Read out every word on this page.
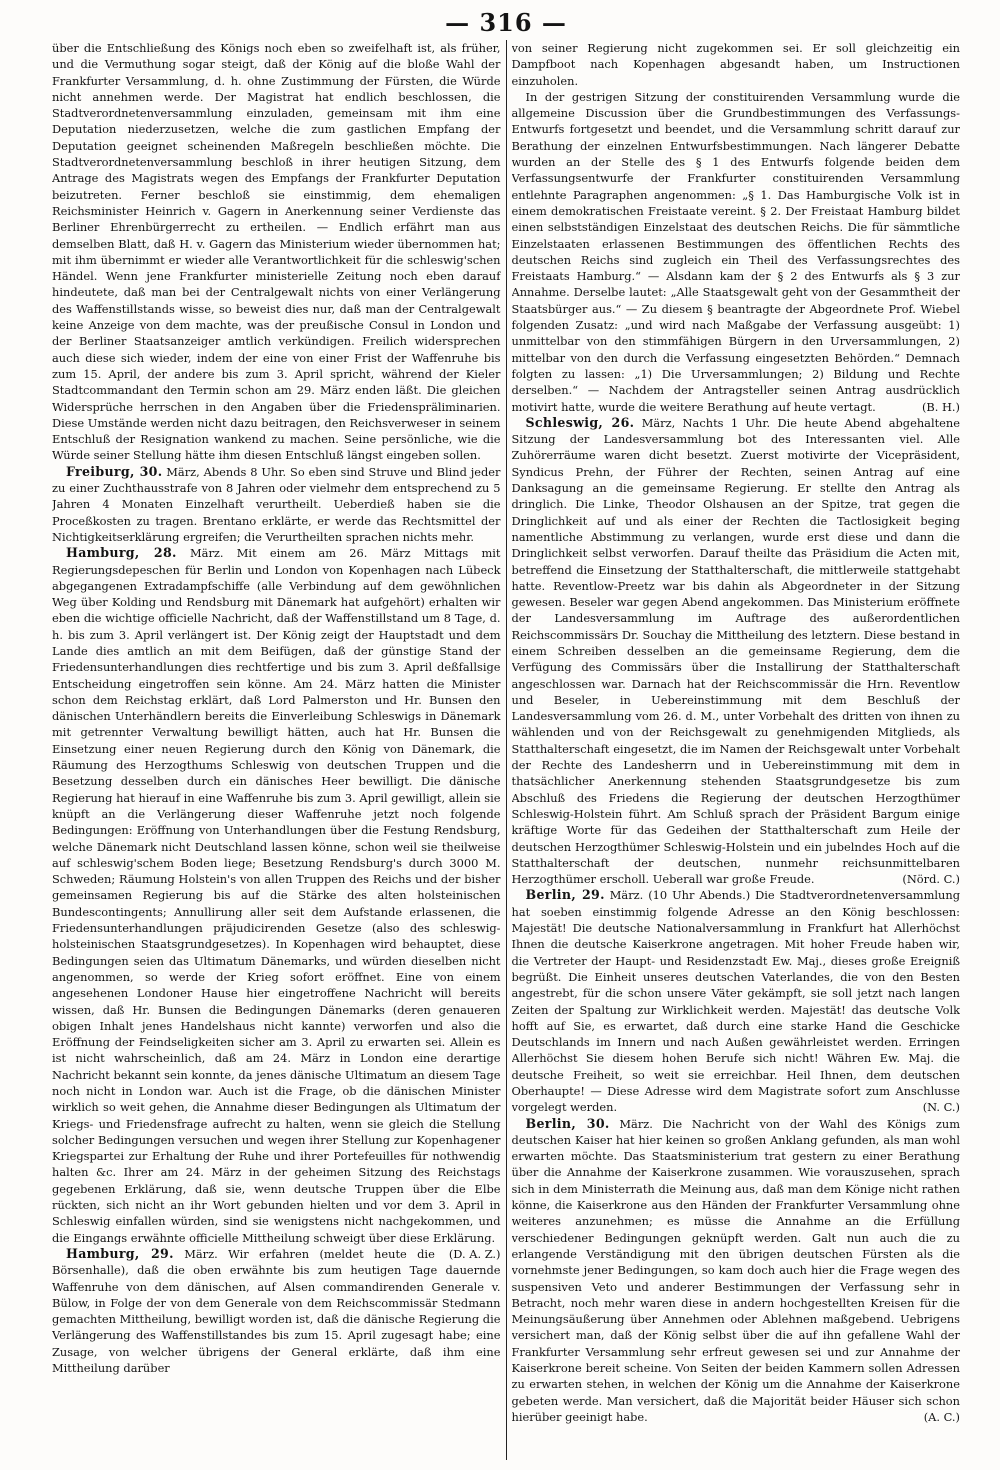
— 316 —

über die Entschließung des Königs noch eben so zweifelhaft ist, als früher, und die Vermuthung sogar steigt, daß der König auf die bloße Wahl der Frankfurter Versammlung, d. h. ohne Zustimmung der Fürsten, die Würde nicht annehmen werde. Der Magistrat hat endlich beschlossen, die Stadtverordnetenversammlung einzuladen, gemeinsam mit ihm eine Deputation niederzusetzen, welche die zum gastlichen Empfang der Deputation geeignet scheinenden Maßregeln beschließen möchte. Die Stadtverordnetenversammlung beschloß in ihrer heutigen Sitzung, dem Antrage des Magistrats wegen des Empfangs der Frankfurter Deputation beizutreten. Ferner beschloß sie einstimmig, dem ehemaligen Reichsminister Heinrich v. Gagern in Anerkennung seiner Verdienste das Berliner Ehrenbürgerrecht zu ertheilen. — Endlich erfährt man aus demselben Blatt, daß H. v. Gagern das Ministerium wieder übernommen hat; mit ihm übernimmt er wieder alle Verantwortlichkeit für die schleswig'schen Händel. Wenn jene Frankfurter ministerielle Zeitung noch eben darauf hindeutete, daß man bei der Centralgewalt nichts von einer Verlängerung des Waffenstillstands wisse, so beweist dies nur, daß man der Centralgewalt keine Anzeige von dem machte, was der preußische Consul in London und der Berliner Staatsanzeiger amtlich verkündigen. Freilich widersprechen auch diese sich wieder, indem der eine von einer Frist der Waffenruhe bis zum 15. April, der andere bis zum 3. April spricht, während der Kieler Stadtcommandant den Termin schon am 29. März enden läßt. Die gleichen Widersprüche herrschen in den Angaben über die Friedenspräliminarien. Diese Umstände werden nicht dazu beitragen, den Reichsverweser in seinem Entschluß der Resignation wankend zu machen. Seine persönliche, wie die Würde seiner Stellung hätte ihm diesen Entschluß längst eingeben sollen.

Freiburg, 30. März, Abends 8 Uhr. So eben sind Struve und Blind jeder zu einer Zuchthausstrafe von 8 Jahren oder vielmehr dem entsprechend zu 5 Jahren 4 Monaten Einzelhaft verurtheilt. Ueberdieß haben sie die Proceßkosten zu tragen. Brentano erklärte, er werde das Rechtsmittel der Nichtigkeitserklärung ergreifen; die Verurtheilten sprachen nichts mehr.

Hamburg, 28. März. Mit einem am 26. März Mittags mit Regierungsdepeschen für Berlin und London von Kopenhagen nach Lübeck abgegangenen Extradampfschiffe (alle Verbindung auf dem gewöhnlichen Weg über Kolding und Rendsburg mit Dänemark hat aufgehört) erhalten wir eben die wichtige officielle Nachricht, daß der Waffenstillstand um 8 Tage, d. h. bis zum 3. April verlängert ist. Der König zeigt der Hauptstadt und dem Lande dies amtlich an mit dem Beifügen, daß der günstige Stand der Friedensunterhandlungen dies rechtfertige und bis zum 3. April deßfallsige Entscheidung eingetroffen sein könne. Am 24. März hatten die Minister schon dem Reichstag erklärt, daß Lord Palmerston und Hr. Bunsen den dänischen Unterhändlern bereits die Einverleibung Schleswigs in Dänemark mit getrennter Verwaltung bewilligt hätten, auch hat Hr. Bunsen die Einsetzung einer neuen Regierung durch den König von Dänemark, die Räumung des Herzogthums Schleswig von deutschen Truppen und die Besetzung desselben durch ein dänisches Heer bewilligt. Die dänische Regierung hat hierauf in eine Waffenruhe bis zum 3. April gewilligt, allein sie knüpft an die Verlängerung dieser Waffenruhe jetzt noch folgende Bedingungen: Eröffnung von Unterhandlungen über die Festung Rendsburg, welche Dänemark nicht Deutschland lassen könne, schon weil sie theilweise auf schleswig'schem Boden liege; Besetzung Rendsburg's durch 3000 M. Schweden; Räumung Holstein's von allen Truppen des Reichs und der bisher gemeinsamen Regierung bis auf die Stärke des alten holsteinischen Bundescontingents; Annullirung aller seit dem Aufstande erlassenen, die Friedensunterhandlungen präjudicirenden Gesetze (also des schleswig-holsteinischen Staatsgrundgesetzes). In Kopenhagen wird behauptet, diese Bedingungen seien das Ultimatum Dänemarks, und würden dieselben nicht angenommen, so werde der Krieg sofort eröffnet. Eine von einem angesehenen Londoner Hause hier eingetroffene Nachricht will bereits wissen, daß Hr. Bunsen die Bedingungen Dänemarks (deren genaueren obigen Inhalt jenes Handelshaus nicht kannte) verworfen und also die Eröffnung der Feindseligkeiten sicher am 3. April zu erwarten sei. Allein es ist nicht wahrscheinlich, daß am 24. März in London eine derartige Nachricht bekannt sein konnte, da jenes dänische Ultimatum an diesem Tage noch nicht in London war. Auch ist die Frage, ob die dänischen Minister wirklich so weit gehen, die Annahme dieser Bedingungen als Ultimatum der Kriegs- und Friedensfrage aufrecht zu halten, wenn sie gleich die Stellung solcher Bedingungen versuchen und wegen ihrer Stellung zur Kopenhagener Kriegspartei zur Erhaltung der Ruhe und ihrer Portefeuilles für nothwendig halten &c. Ihrer am 24. März in der geheimen Sitzung des Reichstags gegebenen Erklärung, daß sie, wenn deutsche Truppen über die Elbe rückten, sich nicht an ihr Wort gebunden hielten und vor dem 3. April in Schleswig einfallen würden, sind sie wenigstens nicht nachgekommen, und die Eingangs erwähnte officielle Mittheilung schweigt über diese Erklärung.
(D. A. Z.)

Hamburg, 29. März. Wir erfahren (meldet heute die Börsenhalle), daß die oben erwähnte bis zum heutigen Tage dauernde Waffenruhe von dem dänischen, auf Alsen commandirenden Generale v. Bülow, in Folge der von dem Generale von dem Reichscommissär Stedmann gemachten Mittheilung, bewilligt worden ist, daß die dänische Regierung die Verlängerung des Waffenstillstandes bis zum 15. April zugesagt habe; eine Zusage, von welcher übrigens der General erklärte, daß ihm eine Mittheilung darüber

von seiner Regierung nicht zugekommen sei. Er soll gleichzeitig ein Dampfboot nach Kopenhagen abgesandt haben, um Instructionen einzuholen.

In der gestrigen Sitzung der constituirenden Versammlung wurde die allgemeine Discussion über die Grundbestimmungen des Verfassungs-Entwurfs fortgesetzt und beendet, und die Versammlung schritt darauf zur Berathung der einzelnen Entwurfsbestimmungen. Nach längerer Debatte wurden an der Stelle des § 1 des Entwurfs folgende beiden dem Verfassungsentwurfe der Frankfurter constituirenden Versammlung entlehnte Paragraphen angenommen: „§ 1. Das Hamburgische Volk ist in einem demokratischen Freistaate vereint. § 2. Der Freistaat Hamburg bildet einen selbstständigen Einzelstaat des deutschen Reichs. Die für sämmtliche Einzelstaaten erlassenen Bestimmungen des öffentlichen Rechts des deutschen Reichs sind zugleich ein Theil des Verfassungsrechtes des Freistaats Hamburg.“ — Alsdann kam der § 2 des Entwurfs als § 3 zur Annahme. Derselbe lautet: „Alle Staatsgewalt geht von der Gesammtheit der Staatsbürger aus.“ — Zu diesem § beantragte der Abgeordnete Prof. Wiebel folgenden Zusatz: „und wird nach Maßgabe der Verfassung ausgeübt: 1) unmittelbar von den stimmfähigen Bürgern in den Urversammlungen, 2) mittelbar von den durch die Verfassung eingesetzten Behörden.“ Demnach folgten zu lassen: „1) Die Urversammlungen; 2) Bildung und Rechte derselben.“ — Nachdem der Antragsteller seinen Antrag ausdrücklich motivirt hatte, wurde die weitere Berathung auf heute vertagt.	(B. H.)

Schleswig, 26. März, Nachts 1 Uhr. Die heute Abend abgehaltene Sitzung der Landesversammlung bot des Interessanten viel. Alle Zuhörerräume waren dicht besetzt. Zuerst motivirte der Vicepräsident, Syndicus Prehn, der Führer der Rechten, seinen Antrag auf eine Danksagung an die gemeinsame Regierung. Er stellte den Antrag als dringlich. Die Linke, Theodor Olshausen an der Spitze, trat gegen die Dringlichkeit auf und als einer der Rechten die Tactlosigkeit beging namentliche Abstimmung zu verlangen, wurde erst diese und dann die Dringlichkeit selbst verworfen. Darauf theilte das Präsidium die Acten mit, betreffend die Einsetzung der Statthalterschaft, die mittlerweile stattgehabt hatte. Reventlow-Preetz war bis dahin als Abgeordneter in der Sitzung gewesen. Beseler war gegen Abend angekommen. Das Ministerium eröffnete der Landesversammlung im Auftrage des außerordentlichen Reichscommissärs Dr. Souchay die Mittheilung des letztern. Diese bestand in einem Schreiben desselben an die gemeinsame Regierung, dem die Verfügung des Commissärs über die Installirung der Statthalterschaft angeschlossen war. Darnach hat der Reichscommissär die Hrn. Reventlow und Beseler, in Uebereinstimmung mit dem Beschluß der Landesversammlung vom 26. d. M., unter Vorbehalt des dritten von ihnen zu wählenden und von der Reichsgewalt zu genehmigenden Mitglieds, als Statthalterschaft eingesetzt, die im Namen der Reichsgewalt unter Vorbehalt der Rechte des Landesherrn und in Uebereinstimmung mit dem in thatsächlicher Anerkennung stehenden Staatsgrundgesetze bis zum Abschluß des Friedens die Regierung der deutschen Herzogthümer Schleswig-Holstein führt. Am Schluß sprach der Präsident Bargum einige kräftige Worte für das Gedeihen der Statthalterschaft zum Heile der deutschen Herzogthümer Schleswig-Holstein und ein jubelndes Hoch auf die Statthalterschaft der deutschen, nunmehr reichsunmittelbaren Herzogthümer erscholl. Ueberall war große Freude.	(Nörd. C.)

Berlin, 29. März. (10 Uhr Abends.) Die Stadtverordnetenversammlung hat soeben einstimmig folgende Adresse an den König beschlossen: Majestät! Die deutsche Nationalversammlung in Frankfurt hat Allerhöchst Ihnen die deutsche Kaiserkrone angetragen. Mit hoher Freude haben wir, die Vertreter der Haupt- und Residenzstadt Ew. Maj., dieses große Ereigniß begrüßt. Die Einheit unseres deutschen Vaterlandes, die von den Besten angestrebt, für die schon unsere Väter gekämpft, sie soll jetzt nach langen Zeiten der Spaltung zur Wirklichkeit werden. Majestät! das deutsche Volk hofft auf Sie, es erwartet, daß durch eine starke Hand die Geschicke Deutschlands im Innern und nach Außen gewährleistet werden. Erringen Allerhöchst Sie diesem hohen Berufe sich nicht! Währen Ew. Maj. die deutsche Freiheit, so weit sie erreichbar. Heil Ihnen, dem deutschen Oberhaupte! — Diese Adresse wird dem Magistrate sofort zum Anschlusse vorgelegt werden.	(N. C.)

Berlin, 30. März. Die Nachricht von der Wahl des Königs zum deutschen Kaiser hat hier keinen so großen Anklang gefunden, als man wohl erwarten möchte. Das Staatsministerium trat gestern zu einer Berathung über die Annahme der Kaiserkrone zusammen. Wie vorauszusehen, sprach sich in dem Ministerrath die Meinung aus, daß man dem Könige nicht rathen könne, die Kaiserkrone aus den Händen der Frankfurter Versammlung ohne weiteres anzunehmen; es müsse die Annahme an die Erfüllung verschiedener Bedingungen geknüpft werden. Galt nun auch die zu erlangende Verständigung mit den übrigen deutschen Fürsten als die vornehmste jener Bedingungen, so kam doch auch hier die Frage wegen des suspensiven Veto und anderer Bestimmungen der Verfassung sehr in Betracht, noch mehr waren diese in andern hochgestellten Kreisen für die Meinungsäußerung über Annehmen oder Ablehnen maßgebend. Uebrigens versichert man, daß der König selbst über die auf ihn gefallene Wahl der Frankfurter Versammlung sehr erfreut gewesen sei und zur Annahme der Kaiserkrone bereit scheine. Von Seiten der beiden Kammern sollen Adressen zu erwarten stehen, in welchen der König um die Annahme der Kaiserkrone gebeten werde. Man versichert, daß die Majorität beider Häuser sich schon hierüber geeinigt habe.	(A. C.)
